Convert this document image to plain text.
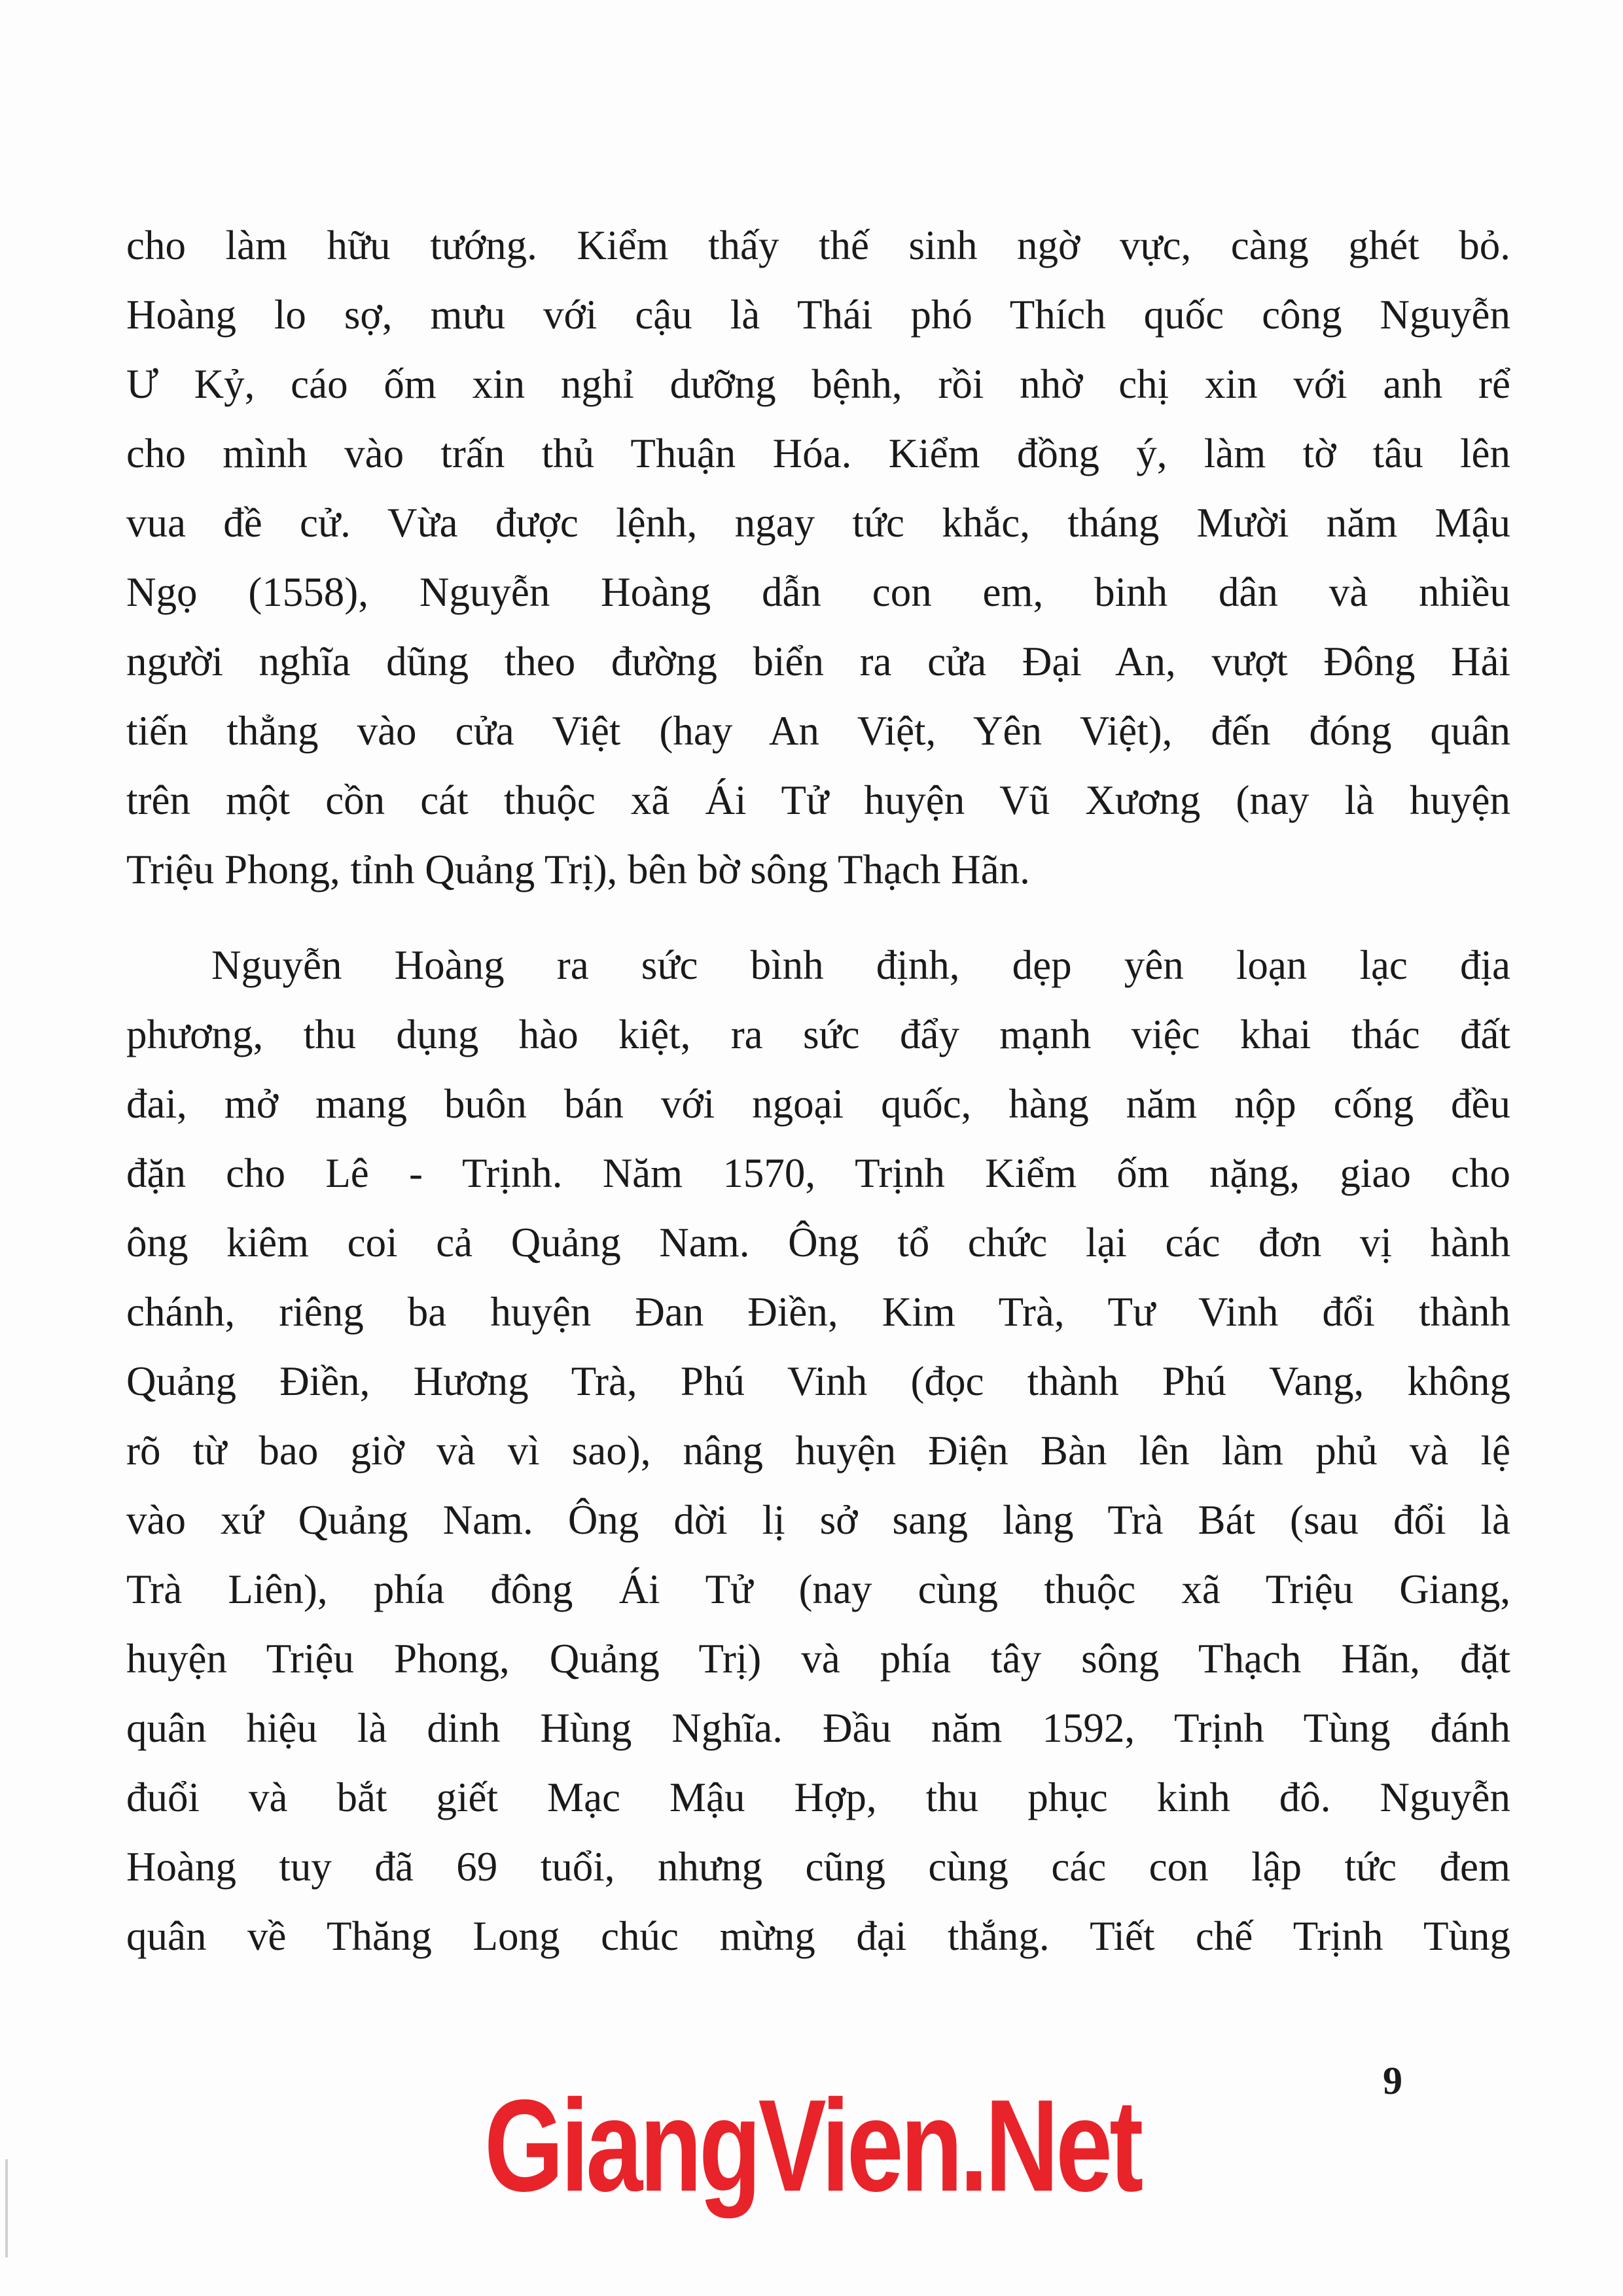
cho làm hữu tướng. Kiểm thấy thế sinh ngờ vực, càng ghét bỏ.
Hoàng lo sợ, mưu với cậu là Thái phó Thích quốc công Nguyễn
Ư Kỷ, cáo ốm xin nghỉ dưỡng bệnh, rồi nhờ chị xin với anh rể
cho mình vào trấn thủ Thuận Hóa. Kiểm đồng ý, làm tờ tâu lên
vua đề cử. Vừa được lệnh, ngay tức khắc, tháng Mười năm Mậu
Ngọ (1558), Nguyễn Hoàng dẫn con em, binh dân và nhiều
người nghĩa dũng theo đường biển ra cửa Đại An, vượt Đông Hải
tiến thẳng vào cửa Việt (hay An Việt, Yên Việt), đến đóng quân
trên một cồn cát thuộc xã Ái Tử huyện Vũ Xương (nay là huyện
Triệu Phong, tỉnh Quảng Trị), bên bờ sông Thạch Hãn.
Nguyễn Hoàng ra sức bình định, dẹp yên loạn lạc địa
phương, thu dụng hào kiệt, ra sức đẩy mạnh việc khai thác đất
đai, mở mang buôn bán với ngoại quốc, hàng năm nộp cống đều
đặn cho Lê - Trịnh. Năm 1570, Trịnh Kiểm ốm nặng, giao cho
ông kiêm coi cả Quảng Nam. Ông tổ chức lại các đơn vị hành
chánh, riêng ba huyện Đan Điền, Kim Trà, Tư Vinh đổi thành
Quảng Điền, Hương Trà, Phú Vinh (đọc thành Phú Vang, không
rõ từ bao giờ và vì sao), nâng huyện Điện Bàn lên làm phủ và lệ
vào xứ Quảng Nam. Ông dời lị sở sang làng Trà Bát (sau đổi là
Trà Liên), phía đông Ái Tử (nay cùng thuộc xã Triệu Giang,
huyện Triệu Phong, Quảng Trị) và phía tây sông Thạch Hãn, đặt
quân hiệu là dinh Hùng Nghĩa. Đầu năm 1592, Trịnh Tùng đánh
đuổi và bắt giết Mạc Mậu Hợp, thu phục kinh đô. Nguyễn
Hoàng tuy đã 69 tuổi, nhưng cũng cùng các con lập tức đem
quân về Thăng Long chúc mừng đại thắng. Tiết chế Trịnh Tùng
9
GiangVien.Net
